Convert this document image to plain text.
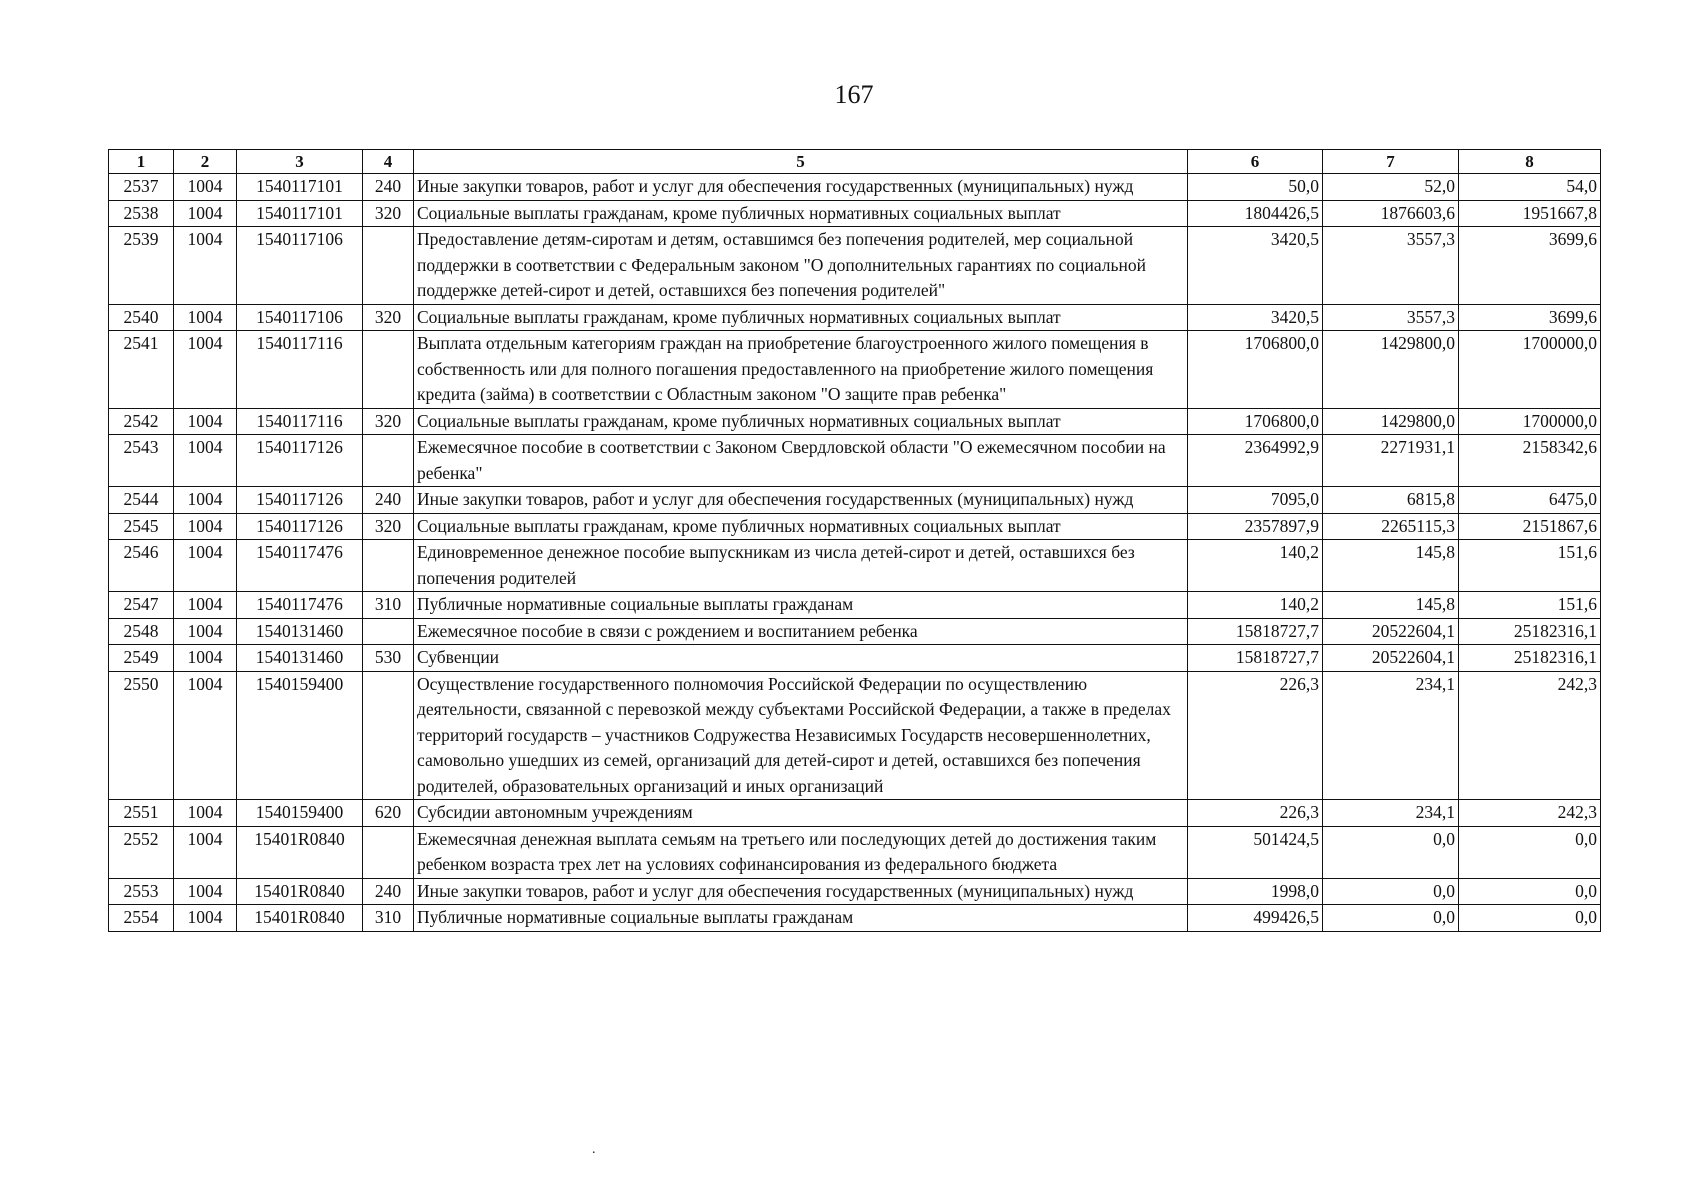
167
1	2	3	4	5	6	7	8
2537	1004	1540117101	240	Иные закупки товаров, работ и услуг для обеспечения государственных (муниципальных) нужд	50,0	52,0	54,0
2538	1004	1540117101	320	Социальные выплаты гражданам, кроме публичных нормативных социальных выплат	1804426,5	1876603,6	1951667,8
2539	1004	1540117106		Предоставление детям-сиротам и детям, оставшимся без попечения родителей, мер социальной поддержки в соответствии с Федеральным законом "О дополнительных гарантиях по социальной поддержке детей-сирот и детей, оставшихся без попечения родителей"	3420,5	3557,3	3699,6
2540	1004	1540117106	320	Социальные выплаты гражданам, кроме публичных нормативных социальных выплат	3420,5	3557,3	3699,6
2541	1004	1540117116		Выплата отдельным категориям граждан на приобретение благоустроенного жилого помещения в собственность или для полного погашения предоставленного на приобретение жилого помещения кредита (займа) в соответствии с Областным законом "О защите прав ребенка"	1706800,0	1429800,0	1700000,0
2542	1004	1540117116	320	Социальные выплаты гражданам, кроме публичных нормативных социальных выплат	1706800,0	1429800,0	1700000,0
2543	1004	1540117126		Ежемесячное пособие в соответствии с Законом Свердловской области "О ежемесячном пособии на ребенка"	2364992,9	2271931,1	2158342,6
2544	1004	1540117126	240	Иные закупки товаров, работ и услуг для обеспечения государственных (муниципальных) нужд	7095,0	6815,8	6475,0
2545	1004	1540117126	320	Социальные выплаты гражданам, кроме публичных нормативных социальных выплат	2357897,9	2265115,3	2151867,6
2546	1004	1540117476		Единовременное денежное пособие выпускникам из числа детей-сирот и детей, оставшихся без попечения родителей	140,2	145,8	151,6
2547	1004	1540117476	310	Публичные нормативные социальные выплаты гражданам	140,2	145,8	151,6
2548	1004	1540131460		Ежемесячное пособие в связи с рождением и воспитанием ребенка	15818727,7	20522604,1	25182316,1
2549	1004	1540131460	530	Субвенции	15818727,7	20522604,1	25182316,1
2550	1004	1540159400		Осуществление государственного полномочия Российской Федерации по осуществлению деятельности, связанной с перевозкой между субъектами Российской Федерации, а также в пределах территорий государств – участников Содружества Независимых Государств несовершеннолетних, самовольно ушедших из семей, организаций для детей-сирот и детей, оставшихся без попечения родителей, образовательных организаций и иных организаций	226,3	234,1	242,3
2551	1004	1540159400	620	Субсидии автономным учреждениям	226,3	234,1	242,3
2552	1004	15401R0840		Ежемесячная денежная выплата семьям на третьего или последующих детей до достижения таким ребенком возраста трех лет на условиях софинансирования из федерального бюджета	501424,5	0,0	0,0
2553	1004	15401R0840	240	Иные закупки товаров, работ и услуг для обеспечения государственных (муниципальных) нужд	1998,0	0,0	0,0
2554	1004	15401R0840	310	Публичные нормативные социальные выплаты гражданам	499426,5	0,0	0,0
.
